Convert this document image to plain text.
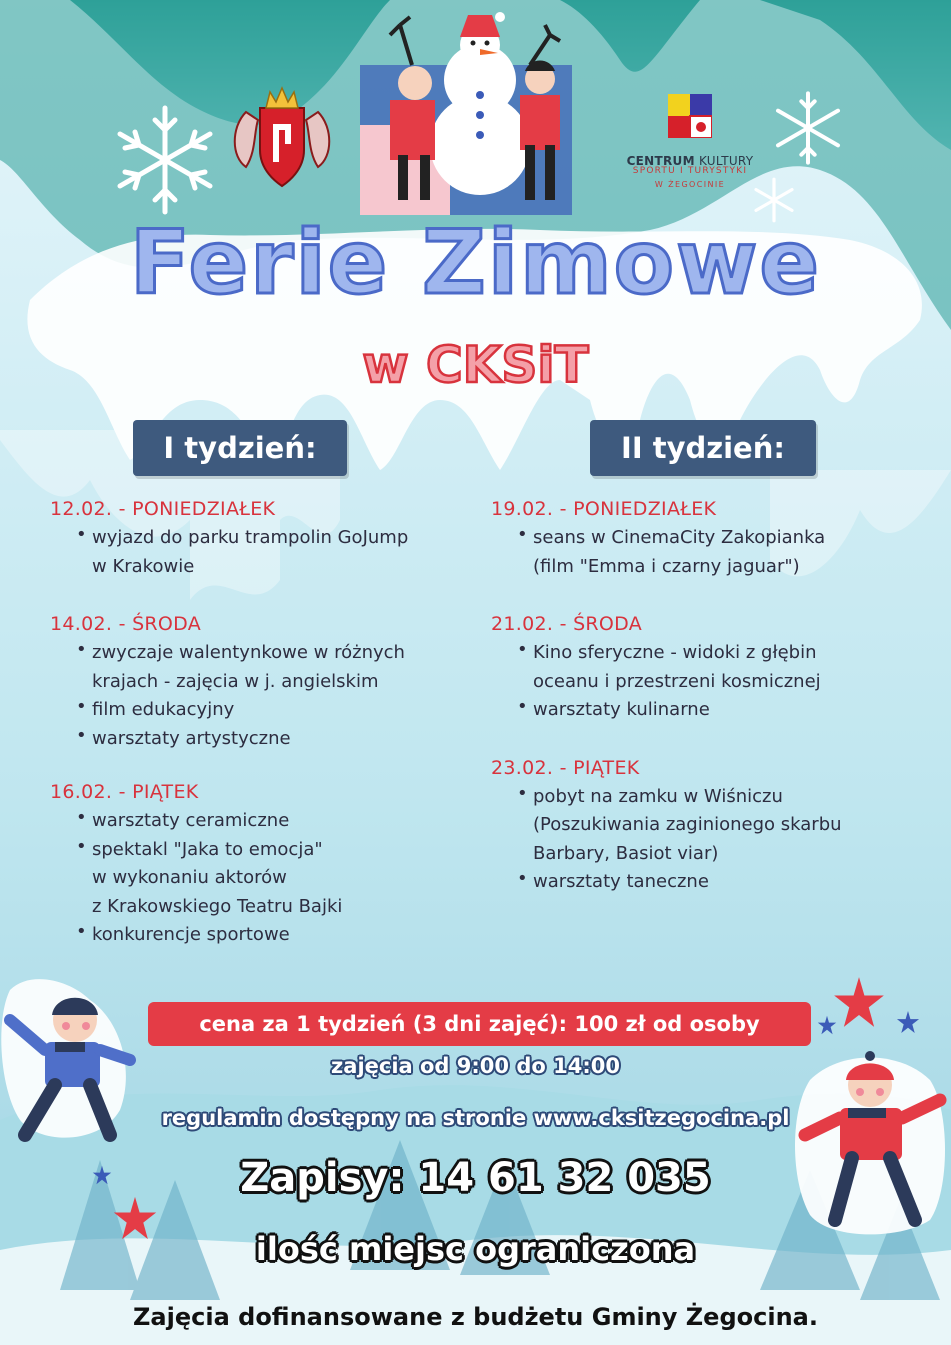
CENTRUM KULTURY
SPORTU I TURYSTYKI
W ŻEGOCINIE
Ferie Zimowe
w CKSiT
I tydzień:	II tydzień:
12.02. - PONIEDZIAŁEK
• wyjazd do parku trampolin GoJump
w Krakowie
14.02. - ŚRODA
• zwyczaje walentynkowe w różnych
krajach - zajęcia w j. angielskim
• film edukacyjny
• warsztaty artystyczne
16.02. - PIĄTEK
• warsztaty ceramiczne
• spektakl "Jaka to emocja"
w wykonaniu aktorów
z Krakowskiego Teatru Bajki
• konkurencje sportowe
19.02. - PONIEDZIAŁEK
• seans w CinemaCity Zakopianka
(film "Emma i czarny jaguar")
21.02. - ŚRODA
• Kino sferyczne - widoki z głębin
oceanu i przestrzeni kosmicznej
• warsztaty kulinarne
23.02. - PIĄTEK
• pobyt na zamku w Wiśniczu
(Poszukiwania zaginionego skarbu
Barbary, Basiot viar)
• warsztaty taneczne
cena za 1 tydzień (3 dni zajęć): 100 zł od osoby
zajęcia od 9:00 do 14:00
regulamin dostępny na stronie www.cksitzegocina.pl
Zapisy: 14 61 32 035
ilość miejsc ograniczona
Zajęcia dofinansowane z budżetu Gminy Żegocina.
